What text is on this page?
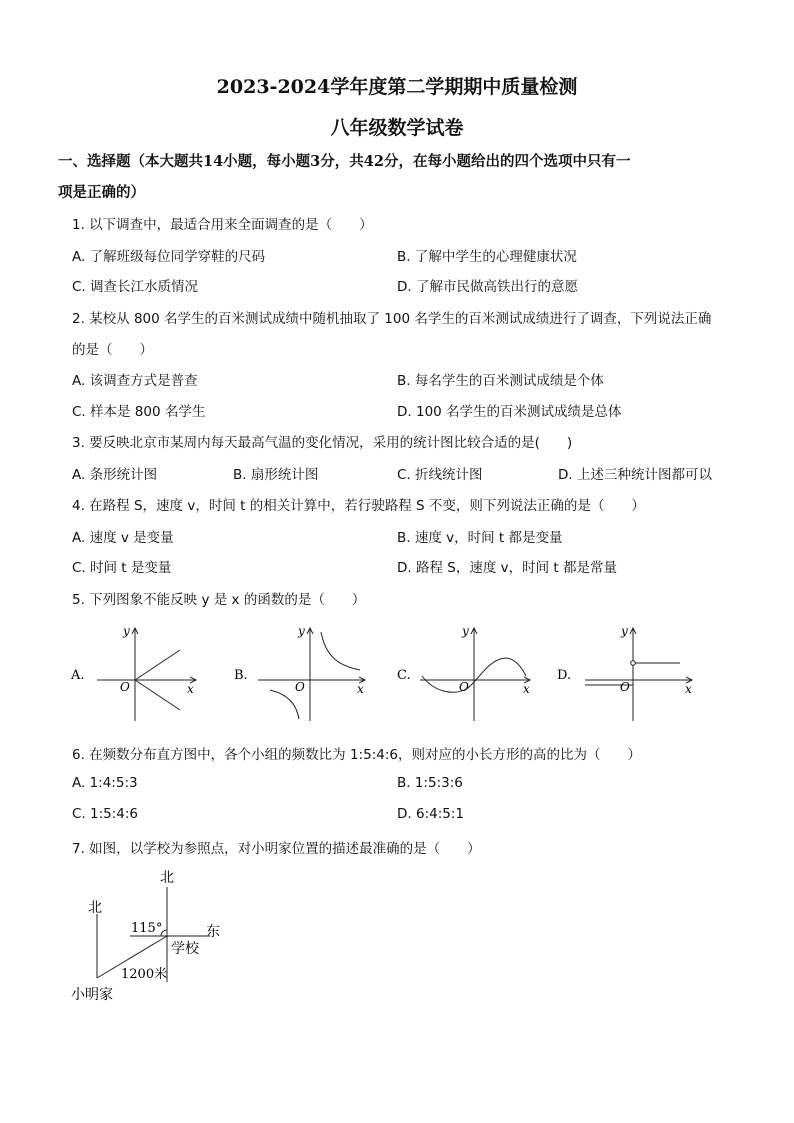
2023-2024学年度第二学期期中质量检测
八年级数学试卷
一、选择题（本大题共14小题，每小题3分，共42分，在每小题给出的四个选项中只有一
项是正确的）
1. 以下调查中，最适合用来全面调查的是（　　）
A. 了解班级每位同学穿鞋的尺码	B. 了解中学生的心理健康状况
C. 调查长江水质情况	D. 了解市民做高铁出行的意愿
2. 某校从 800 名学生的百米测试成绩中随机抽取了 100 名学生的百米测试成绩进行了调查，下列说法正确
的是（　　）
A. 该调查方式是普查	B. 每名学生的百米测试成绩是个体
C. 样本是 800 名学生	D. 100 名学生的百米测试成绩是总体
3. 要反映北京市某周内每天最高气温的变化情况，采用的统计图比较合适的是(　　)
A. 条形统计图	B. 扇形统计图	C. 折线统计图	D. 上述三种统计图都可以
4. 在路程 S，速度 v，时间 t 的相关计算中，若行驶路程 S 不变，则下列说法正确的是（　　）
A. 速度 v 是变量	B. 速度 v，时间 t 都是变量
C. 时间 t 是变量	D. 路程 S，速度 v，时间 t 都是常量
5. 下列图象不能反映 y 是 x 的函数的是（　　）
A.
O	x
y
B.
O	x
y
C.
O	x
y
D.
O	x
y
6. 在频数分布直方图中，各个小组的频数比为 1:5:4:6，则对应的小长方形的高的比为（　　）
A. 1:4:5:3	B. 1:5:3:6
C. 1:5:4:6	D. 6:4:5:1
7. 如图，以学校为参照点，对小明家位置的描述最准确的是（　　）
北
北
东
115°
学校
1200米
小明家
